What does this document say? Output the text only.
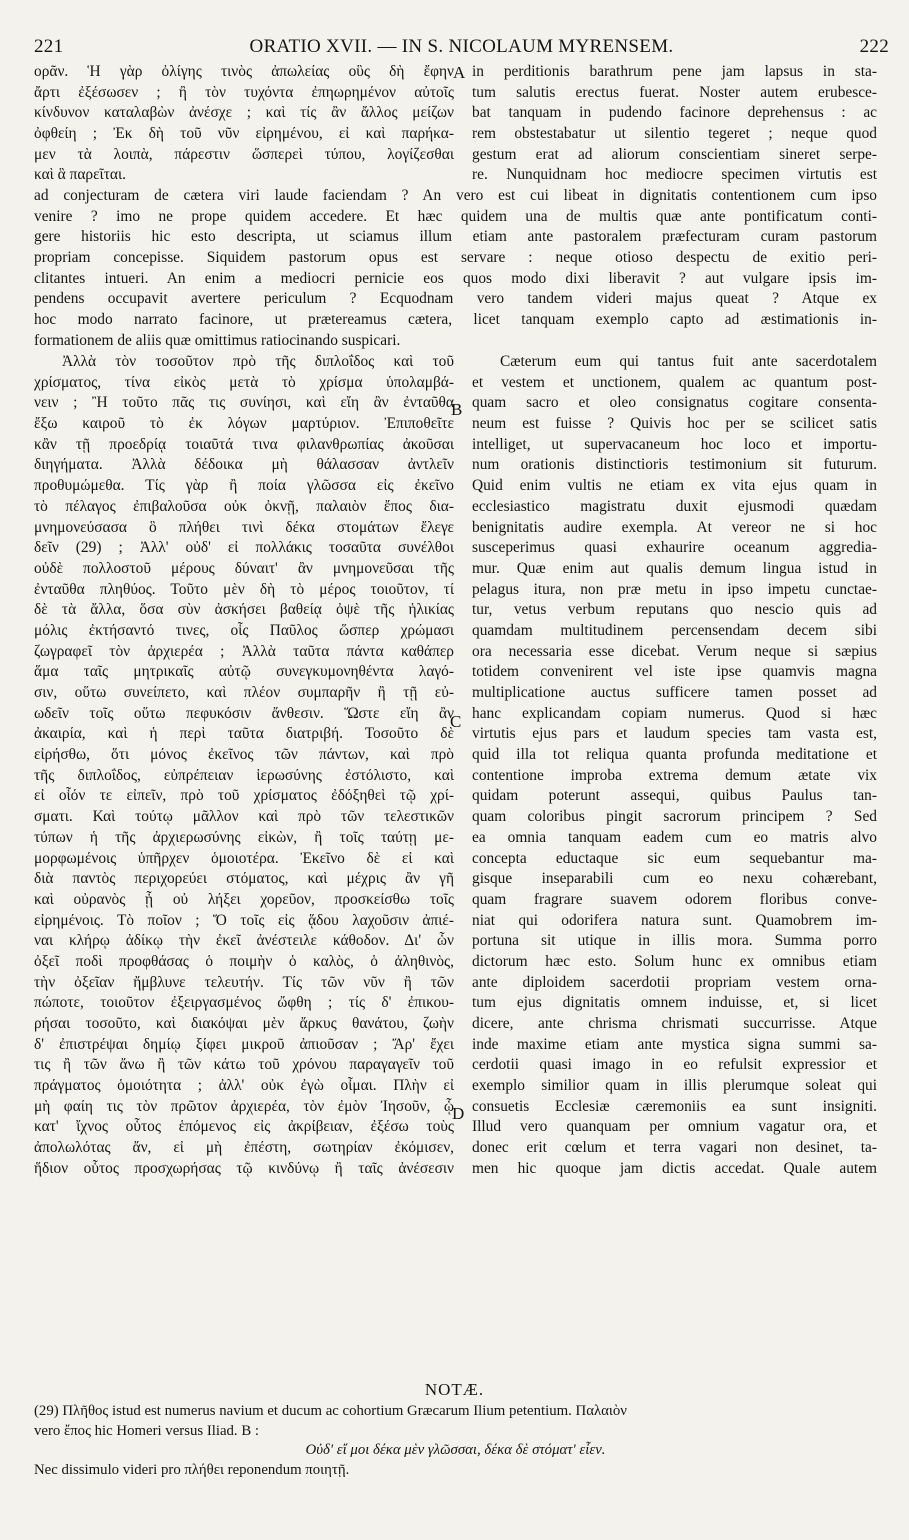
221	ORATIO XVII. — IN S. NICOLAUM MYRENSEM.	222
ορᾶν. Ἡ γὰρ ὀλίγης τινὸς ἀπωλείας οὓς δὴ ἔφην
ἄρτι ἐξέσωσεν ; ἢ τὸν τυχόντα ἐπηωρημένον αὐτοῖς
κίνδυνον καταλαβὼν ἀνέσχε ; καὶ τίς ἂν ἄλλος μείζων
ὀφθείη ; Ἐκ δὴ τοῦ νῦν εἰρημένου, εἰ καὶ παρήκα-
μεν τὰ λοιπὰ, πάρεστιν ὥσπερεὶ τύπου, λογίζεσθαι
καὶ ἃ παρεῖται.
in perditionis barathrum pene jam lapsus in sta-
tum salutis erectus fuerat. Noster autem erubesce-
bat tanquam in pudendo facinore deprehensus : ac
rem obstestabatur ut silentio tegeret ; neque quod
gestum erat ad aliorum conscientiam sineret serpe-
re. Nunquidnam hoc mediocre specimen virtutis est
A
ad conjecturam de cætera viri laude faciendam ? An vero est cui libeat in dignitatis contentionem cum ipso
venire ? imo ne prope quidem accedere. Et hæc quidem una de multis quæ ante pontificatum conti-
gere historiis hic esto descripta, ut sciamus illum etiam ante pastoralem præfecturam curam pastorum
propriam concepisse. Siquidem pastorum opus est servare : neque otioso despectu de exitio peri-
clitantes intueri. An enim a mediocri pernicie eos quos modo dixi liberavit ? aut vulgare ipsis im-
pendens occupavit avertere periculum ? Ecquodnam vero tandem videri majus queat ? Atque ex
hoc modo narrato facinore, ut prætereamus cætera, licet tanquam exemplo capto ad æstimationis in-
formationem de aliis quæ omittimus ratiocinando suspicari.
Ἀλλὰ τὸν τοσοῦτον πρὸ τῆς διπλοΐδος καὶ τοῦ
χρίσματος, τίνα εἰκὸς μετὰ τὸ χρίσμα ὑπολαμβά-
νειν ; Ἢ τοῦτο πᾶς τις συνίησι, καὶ εἴη ἂν ἐνταῦθα
ἔξω καιροῦ τὸ ἐκ λόγων μαρτύριον. Ἐπιποθεῖτε
κἂν τῇ προεδρίᾳ τοιαῦτά τινα φιλανθρωπίας ἀκοῦσαι
διηγήματα. Ἀλλὰ δέδοικα μὴ θάλασσαν ἀντλεῖν
προθυμώμεθα. Τίς γὰρ ἢ ποία γλῶσσα εἰς ἐκεῖνο
τὸ πέλαγος ἐπιβαλοῦσα οὐκ ὀκνῇ, παλαιὸν ἔπος δια-
μνημονεύσασα ὃ πλήθει τινὶ δέκα στομάτων ἔλεγε
δεῖν (29) ; Ἀλλ' οὐδ' εἰ πολλάκις τοσαῦτα συνέλθοι
οὐδὲ πολλοστοῦ μέρους δύναιτ' ἂν μνημονεῦσαι τῆς
ἐνταῦθα πληθύος. Τοῦτο μὲν δὴ τὸ μέρος τοιοῦτον, τί
δὲ τὰ ἄλλα, ὅσα σὺν ἀσκήσει βαθείᾳ ὀψὲ τῆς ἡλικίας
μόλις ἐκτήσαντό τινες, οἷς Παῦλος ὥσπερ χρώμασι
ζωγραφεῖ τὸν ἀρχιερέα ; Ἀλλὰ ταῦτα πάντα καθάπερ
ἅμα ταῖς μητρικαῖς αὐτῷ συνεγκυμονηθέντα λαγό-
σιν, οὕτω συνείπετο, καὶ πλέον συμπαρῆν ἢ τῇ εὐ-
ωδεῖν τοῖς οὕτω πεφυκόσιν ἄνθεσιν. Ὥστε εἴη ἂν
ἀκαιρία, καὶ ἡ περὶ ταῦτα διατριβή. Τοσοῦτο δὲ
εἰρήσθω, ὅτι μόνος ἐκεῖνος τῶν πάντων, καὶ πρὸ
τῆς διπλοΐδος, εὐπρέπειαν ἱερωσύνης ἐστόλιστο, καὶ
εἰ οἷόν τε εἰπεῖν, πρὸ τοῦ χρίσματος ἐδόξηθεὶ τῷ χρί-
σματι. Καὶ τούτῳ μᾶλλον καὶ πρὸ τῶν τελεστικῶν
τύπων ἡ τῆς ἀρχιερωσύνης εἰκὼν, ἢ τοῖς ταύτῃ με-
μορφωμένοις ὑπῆρχεν ὁμοιοτέρα. Ἐκεῖνο δὲ εἰ καὶ
διὰ παντὸς περιχορεύει στόματος, καὶ μέχρις ἂν γῆ
καὶ οὐρανὸς ᾖ οὐ λήξει χορεῦον, προσκείσθω τοῖς
εἰρημένοις. Τὸ ποῖον ; Ὅ τοῖς εἰς ᾅδου λαχοῦσιν ἀπιέ-
ναι κλήρῳ ἀδίκῳ τὴν ἐκεῖ ἀνέστειλε κάθοδον. Δι' ὧν
ὀξεῖ ποδὶ προφθάσας ὁ ποιμὴν ὁ καλὸς, ὁ ἀληθινὸς,
τὴν ὀξεῖαν ἤμβλυνε τελευτήν. Τίς τῶν νῦν ἢ τῶν
πώποτε, τοιοῦτον ἐξειργασμένος ὤφθη ; τίς δ' ἐπικου-
ρήσαι τοσοῦτο, καὶ διακόψαι μὲν ἄρκυς θανάτου, ζωὴν
δ' ἐπιστρέψαι δημίῳ ξίφει μικροῦ ἀπιοῦσαν ; Ἄρ' ἔχει
τις ἢ τῶν ἄνω ἢ τῶν κάτω τοῦ χρόνου παραγαγεῖν τοῦ
πράγματος ὁμοιότητα ; ἀλλ' οὐκ ἐγὼ οἶμαι. Πλὴν εἰ
μὴ φαίη τις τὸν πρῶτον ἀρχιερέα, τὸν ἐμὸν Ἰησοῦν, ᾧ
κατ' ἴχνος οὗτος ἑπόμενος εἰς ἀκρίβειαν, ἐξέσω τοὺς
ἀπολωλότας ἄν, εἰ μὴ ἐπέστη, σωτηρίαν ἐκόμισεν,
ἥδιον οὗτος προσχωρήσας τῷ κινδύνῳ ἢ ταῖς ἀνέσεσιν
Cæterum eum qui tantus fuit ante sacerdotalem
et vestem et unctionem, qualem ac quantum post-
quam sacro et oleo consignatus cogitare consenta-
neum est fuisse ? Quivis hoc per se scilicet satis
intelliget, ut supervacaneum hoc loco et importu-
num orationis distinctioris testimonium sit futurum.
Quid enim vultis ne etiam ex vita ejus quam in
ecclesiastico magistratu duxit ejusmodi quædam
benignitatis audire exempla. At vereor ne si hoc
susceperimus quasi exhaurire oceanum aggredia-
mur. Quæ enim aut qualis demum lingua istud in
pelagus itura, non præ metu in ipso impetu cunctae-
tur, vetus verbum reputans quo nescio quis ad
quamdam multitudinem percensendam decem sibi
ora necessaria esse dicebat. Verum neque si sæpius
totidem convenirent vel iste ipse quamvis magna
multiplicatione auctus sufficere tamen posset ad
hanc explicandam copiam numerus. Quod si hæc
virtutis ejus pars et laudum species tam vasta est,
quid illa tot reliqua quanta profunda meditatione et
contentione improba extrema demum ætate vix
quidam poterunt assequi, quibus Paulus tan-
quam coloribus pingit sacrorum principem ? Sed
ea omnia tanquam eadem cum eo matris alvo
concepta eductaque sic eum sequebantur ma-
gisque inseparabili cum eo nexu cohærebant,
quam fragrare suavem odorem floribus conve-
niat qui odorifera natura sunt. Quamobrem im-
portuna sit utique in illis mora. Summa porro
dictorum hæc esto. Solum hunc ex omnibus etiam
ante diploidem sacerdotii propriam vestem orna-
tum ejus dignitatis omnem induisse, et, si licet
dicere, ante chrisma chrismati succurrisse. Atque
inde maxime etiam ante mystica signa summi sa-
cerdotii quasi imago in eo refulsit expressior et
exemplo similior quam in illis plerumque soleat qui
consuetis Ecclesiæ cæremoniis ea sunt insigniti.
Illud vero quanquam per omnium vagatur ora, et
donec erit cœlum et terra vagari non desinet, ta-
men hic quoque jam dictis accedat. Quale autem
B
C
D
NOTÆ.
(29) Πλῆθος istud est numerus navium et ducum ac cohortium Græcarum Ilium petentium. Παλαιὸν
vero ἔπος hic Homeri versus Iliad. B :
Οὐδ' εἴ μοι δέκα μὲν γλῶσσαι, δέκα δὲ στόματ' εἶεν.
Nec dissimulo videri pro πλήθει reponendum ποιητῇ.
